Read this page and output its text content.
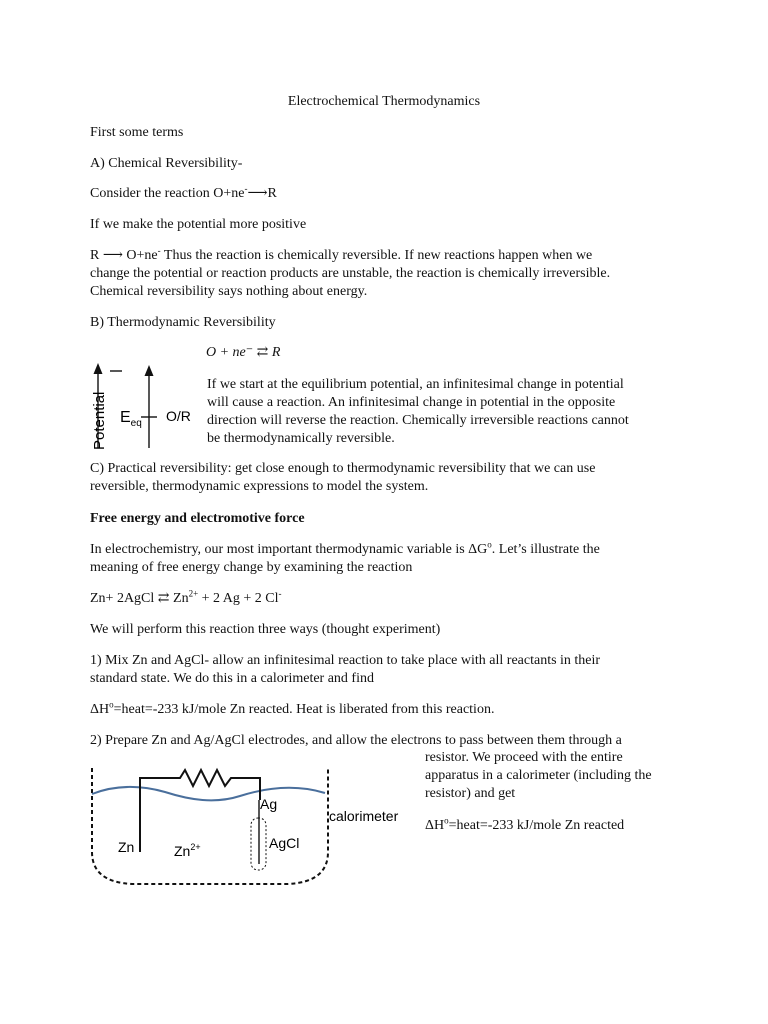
Electrochemical Thermodynamics

First some terms

A) Chemical Reversibility-

Consider the reaction O+ne-⟶R

If we make the potential more positive

R ⟶ O+ne- Thus the reaction is chemically reversible. If new reactions happen when we

change the potential or reaction products are unstable, the reaction is chemically irreversible.

Chemical reversibility says nothing about energy.

B) Thermodynamic Reversibility

O + ne⁻ ⇄ R
Potential $E_{eq}$ O/R
If we start at the equilibrium potential, an infinitesimal change in potential
will cause a reaction. An infinitesimal change in potential in the opposite
direction will reverse the reaction. Chemically irreversible reactions cannot
be thermodynamically reversible.

C) Practical reversibility: get close enough to thermodynamic reversibility that we can use

reversible, thermodynamic expressions to model the system.

Free energy and electromotive force

In electrochemistry, our most important thermodynamic variable is $\Delta G^o$. Let’s illustrate the

meaning of free energy change by examining the reaction

Zn+ 2AgCl ⇄ $Zn^{2+} + 2$ Ag + 2 Cl-

We will perform this reaction three ways (thought experiment)

1) Mix Zn and AgCl- allow an infinitesimal reaction to take place with all reactants in their

standard state. We do this in a calorimeter and find

$\Delta H^o=heat=-233$ kJ/mole Zn reacted. Heat is liberated from this reaction.

2) Prepare Zn and Ag/AgCl electrodes, and allow the electrons to pass between them through a

resistor. We proceed with the entire
apparatus in a calorimeter (including the
resistor) and get
$\Delta H^o=heat=-233$ kJ/mole Zn reacted
Ag
Zn	$Zn^{2+}$	AgCl
calorimeter
